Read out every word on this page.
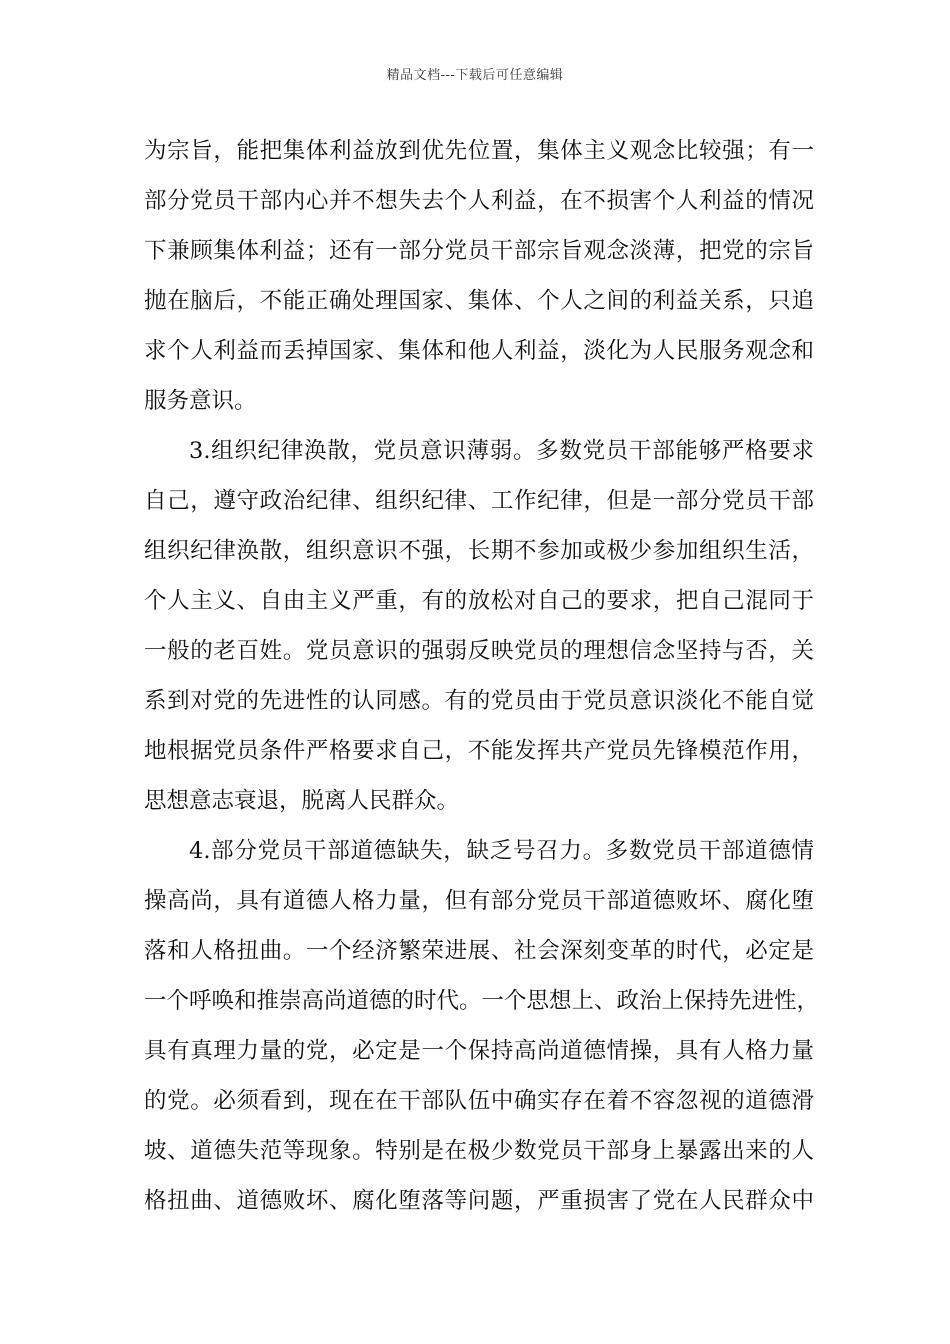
精品文档---下载后可任意编辑
为宗旨，能把集体利益放到优先位置，集体主义观念比较强；有一
部分党员干部内心并不想失去个人利益，在不损害个人利益的情况
下兼顾集体利益；还有一部分党员干部宗旨观念淡薄，把党的宗旨
抛在脑后，不能正确处理国家、集体、个人之间的利益关系，只追
求个人利益而丢掉国家、集体和他人利益，淡化为人民服务观念和
服务意识。
3.组织纪律涣散，党员意识薄弱。多数党员干部能够严格要求
自己，遵守政治纪律、组织纪律、工作纪律，但是一部分党员干部
组织纪律涣散，组织意识不强，长期不参加或极少参加组织生活，
个人主义、自由主义严重，有的放松对自己的要求，把自己混同于
一般的老百姓。党员意识的强弱反映党员的理想信念坚持与否，关
系到对党的先进性的认同感。有的党员由于党员意识淡化不能自觉
地根据党员条件严格要求自己，不能发挥共产党员先锋模范作用，
思想意志衰退，脱离人民群众。
4.部分党员干部道德缺失，缺乏号召力。多数党员干部道德情
操高尚，具有道德人格力量，但有部分党员干部道德败坏、腐化堕
落和人格扭曲。一个经济繁荣进展、社会深刻变革的时代，必定是
一个呼唤和推崇高尚道德的时代。一个思想上、政治上保持先进性，
具有真理力量的党，必定是一个保持高尚道德情操，具有人格力量
的党。必须看到，现在在干部队伍中确实存在着不容忽视的道德滑
坡、道德失范等现象。特别是在极少数党员干部身上暴露出来的人
格扭曲、道德败坏、腐化堕落等问题，严重损害了党在人民群众中
